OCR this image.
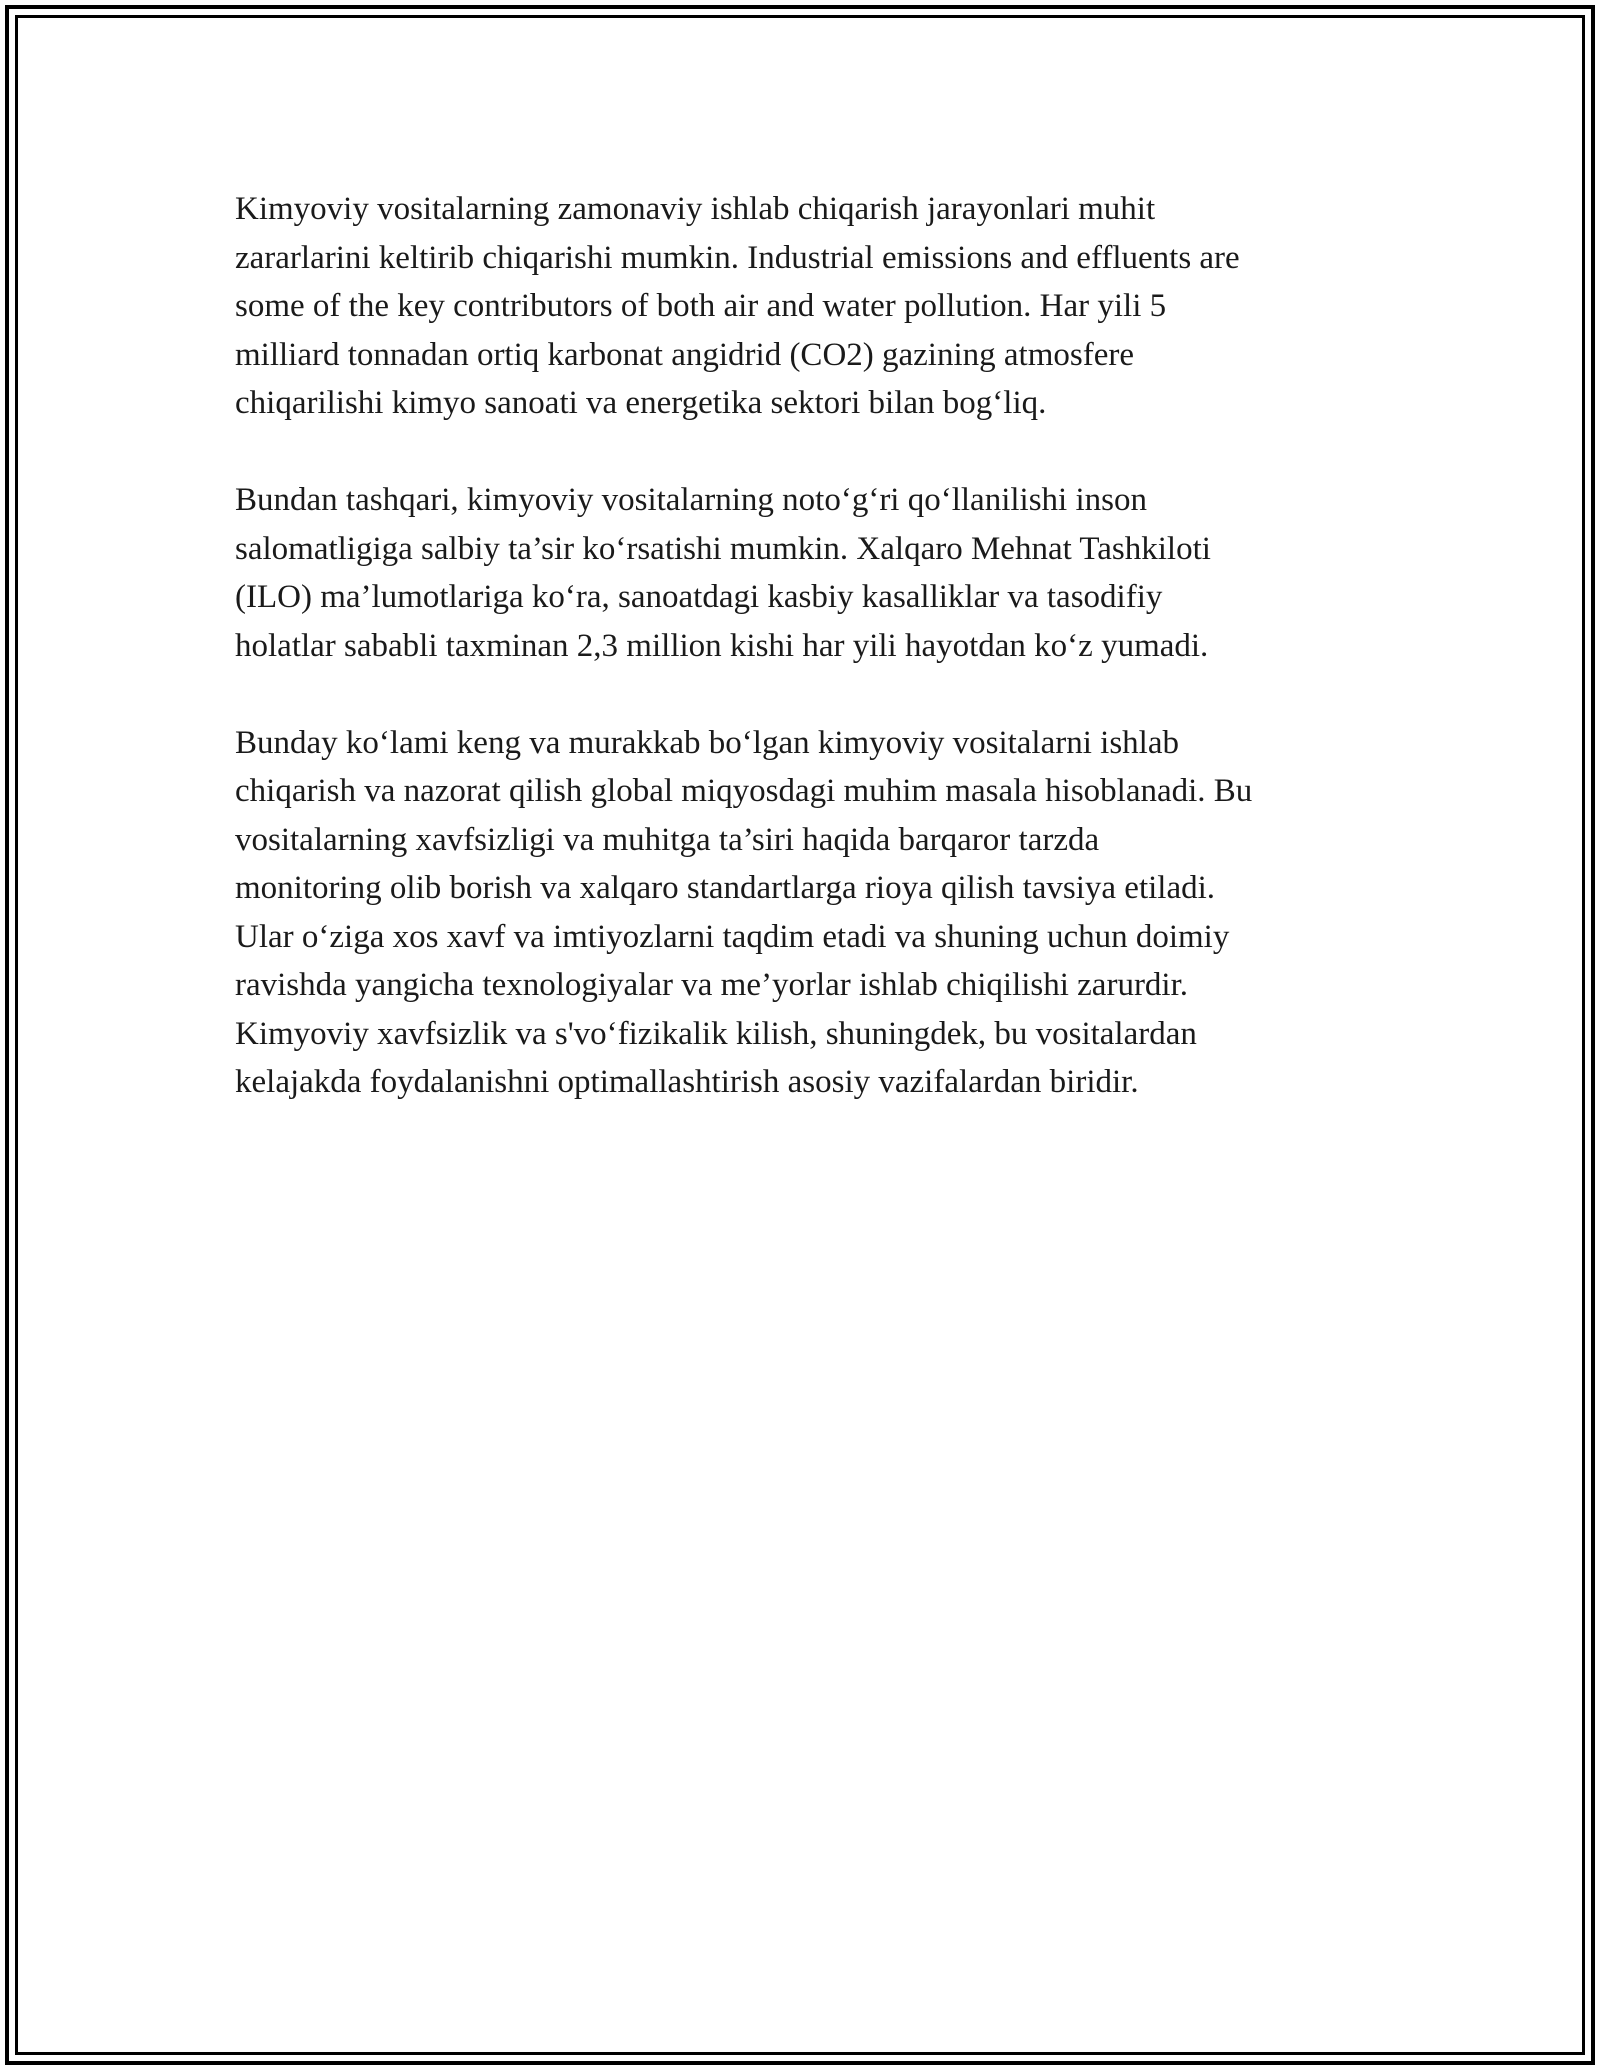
Kimyoviy vositalarning zamonaviy ishlab chiqarish jarayonlari muhit
zararlarini keltirib chiqarishi mumkin. Industrial emissions and effluents are
some of the key contributors of both air and water pollution. Har yili 5
milliard tonnadan ortiq karbonat angidrid (CO2) gazining atmosfere
chiqarilishi kimyo sanoati va energetika sektori bilan bog‘liq.

Bundan tashqari, kimyoviy vositalarning noto‘g‘ri qo‘llanilishi inson
salomatligiga salbiy ta’sir ko‘rsatishi mumkin. Xalqaro Mehnat Tashkiloti
(ILO) ma’lumotlariga ko‘ra, sanoatdagi kasbiy kasalliklar va tasodifiy
holatlar sababli taxminan 2,3 million kishi har yili hayotdan ko‘z yumadi.

Bunday ko‘lami keng va murakkab bo‘lgan kimyoviy vositalarni ishlab
chiqarish va nazorat qilish global miqyosdagi muhim masala hisoblanadi. Bu
vositalarning xavfsizligi va muhitga ta’siri haqida barqaror tarzda
monitoring olib borish va xalqaro standartlarga rioya qilish tavsiya etiladi.
Ular o‘ziga xos xavf va imtiyozlarni taqdim etadi va shuning uchun doimiy
ravishda yangicha texnologiyalar va me’yorlar ishlab chiqilishi zarurdir.
Kimyoviy xavfsizlik va s'vo‘fizikalik kilish, shuningdek, bu vositalardan
kelajakda foydalanishni optimallashtirish asosiy vazifalardan biridir.
